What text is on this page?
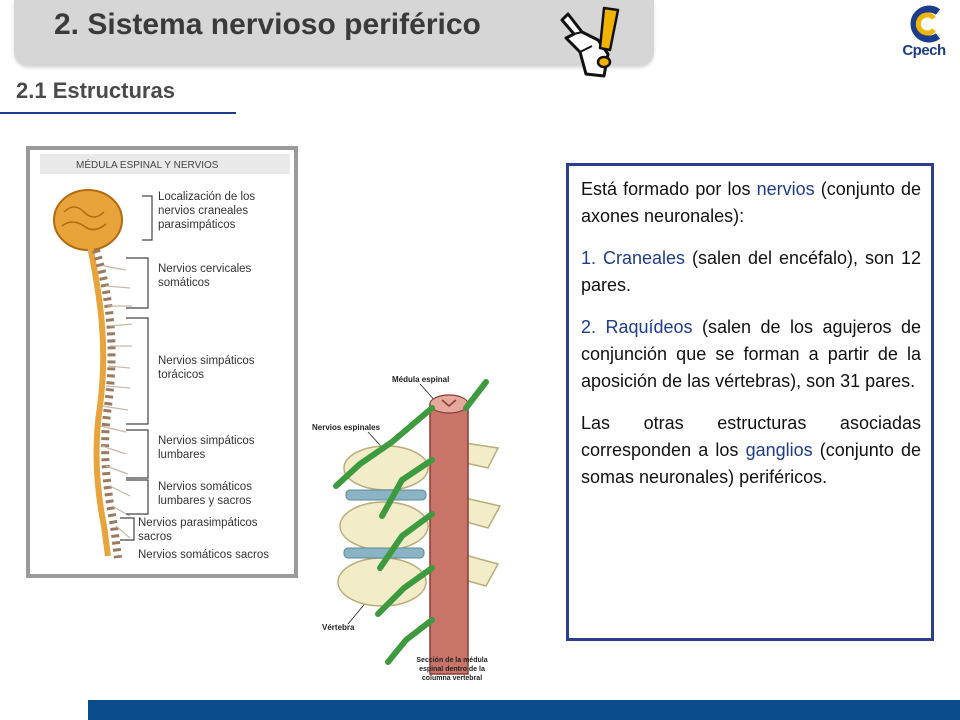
2. Sistema nervioso periférico
Cpech
2.1 Estructuras
MÉDULA ESPINAL Y NERVIOS
Localización de los
nervios craneales
parasimpáticos
Nervios cervicales
somáticos
Nervios simpáticos
torácicos
Nervios simpáticos
lumbares
Nervios somáticos
lumbares y sacros
Nervios parasimpáticos
sacros
Nervios somáticos sacros
Médula espinal
Nervios espinales
Vértebra
Sección de la médula
espinal dentro de la
columna vertebral

Está formado por los nervios (conjunto de axones neuronales):

1. Craneales (salen del encéfalo), son 12 pares.

2. Raquídeos (salen de los agujeros de conjunción que se forman a partir de la aposición de las vértebras), son 31 pares.

Las otras estructuras asociadas corresponden a los ganglios (conjunto de somas neuronales) periféricos.
